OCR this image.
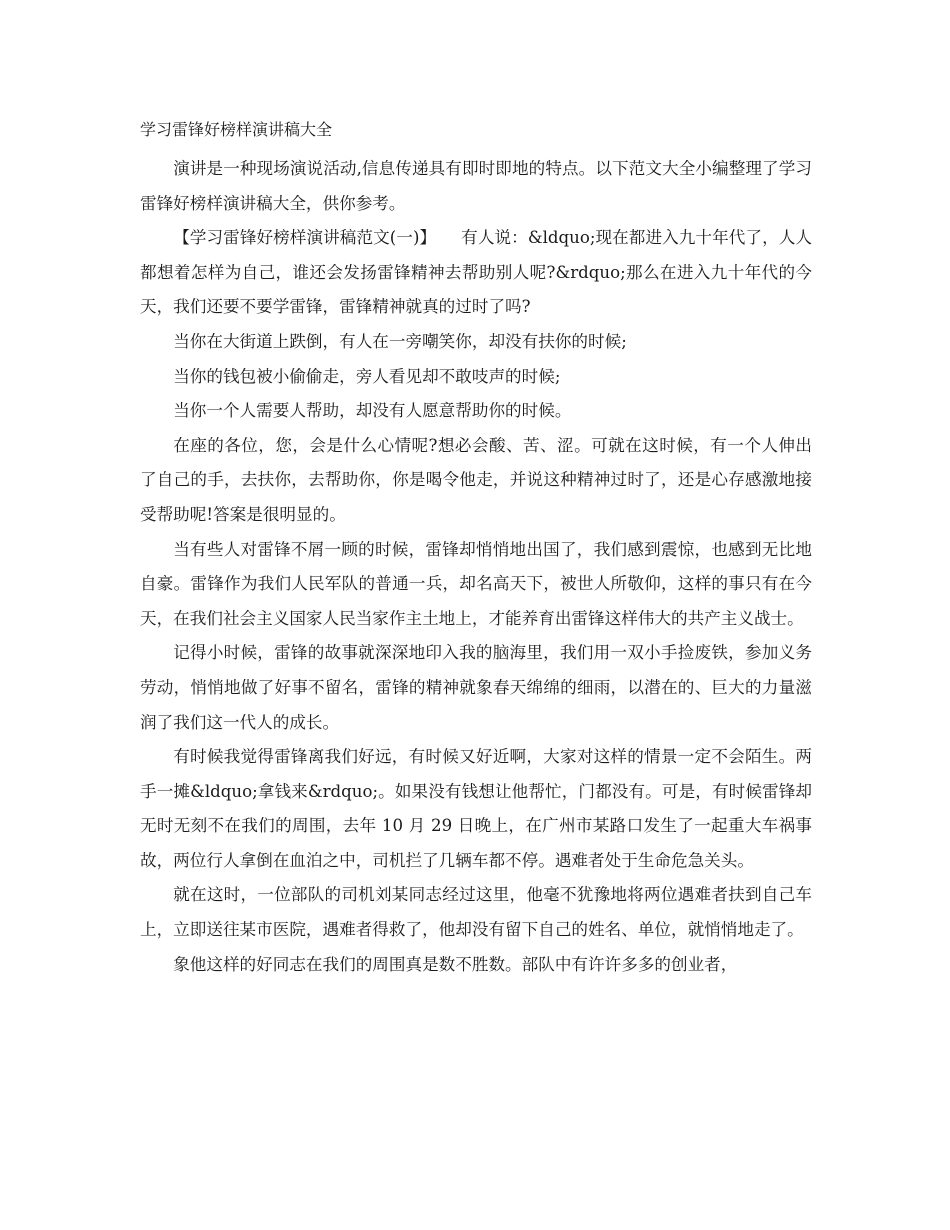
学习雷锋好榜样演讲稿大全

演讲是一种现场演说活动,信息传递具有即时即地的特点。以下范文大全小编整理了学习雷锋好榜样演讲稿大全，供你参考。

【学习雷锋好榜样演讲稿范文(一)】　　有人说：&ldquo;现在都进入九十年代了，人人都想着怎样为自己，谁还会发扬雷锋精神去帮助别人呢?&rdquo;那么在进入九十年代的今天，我们还要不要学雷锋，雷锋精神就真的过时了吗?

当你在大街道上跌倒，有人在一旁嘲笑你，却没有扶你的时候;

当你的钱包被小偷偷走，旁人看见却不敢吱声的时候;

当你一个人需要人帮助，却没有人愿意帮助你的时候。

在座的各位，您，会是什么心情呢?想必会酸、苦、涩。可就在这时候，有一个人伸出了自己的手，去扶你，去帮助你，你是喝令他走，并说这种精神过时了，还是心存感激地接受帮助呢!答案是很明显的。

当有些人对雷锋不屑一顾的时候，雷锋却悄悄地出国了，我们感到震惊，也感到无比地自豪。雷锋作为我们人民军队的普通一兵，却名高天下，被世人所敬仰，这样的事只有在今天，在我们社会主义国家人民当家作主土地上，才能养育出雷锋这样伟大的共产主义战士。

记得小时候，雷锋的故事就深深地印入我的脑海里，我们用一双小手捡废铁，参加义务劳动，悄悄地做了好事不留名，雷锋的精神就象春天绵绵的细雨，以潜在的、巨大的力量滋润了我们这一代人的成长。

有时候我觉得雷锋离我们好远，有时候又好近啊，大家对这样的情景一定不会陌生。两手一摊&ldquo;拿钱来&rdquo;。如果没有钱想让他帮忙，门都没有。可是，有时候雷锋却无时无刻不在我们的周围，去年 10 月 29 日晚上，在广州市某路口发生了一起重大车祸事故，两位行人拿倒在血泊之中，司机拦了几辆车都不停。遇难者处于生命危急关头。

就在这时，一位部队的司机刘某同志经过这里，他毫不犹豫地将两位遇难者扶到自己车上，立即送往某市医院，遇难者得救了，他却没有留下自己的姓名、单位，就悄悄地走了。

象他这样的好同志在我们的周围真是数不胜数。部队中有许许多多的创业者，
